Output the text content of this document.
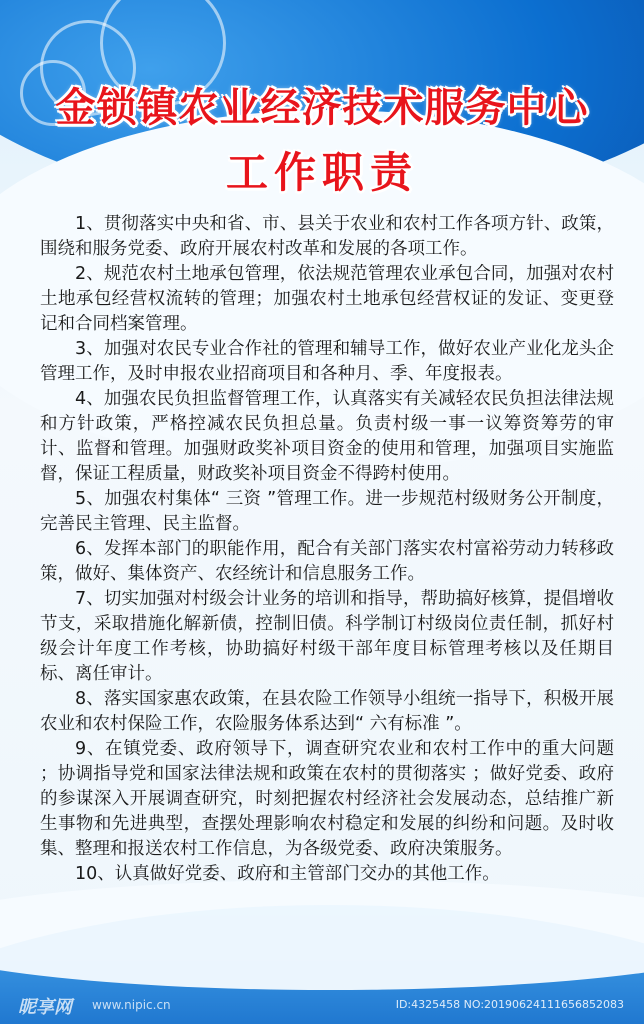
金锁镇农业经济技术服务中心
工作职责

1、贯彻落实中央和省、市、县关于农业和农村工作各项方针、政策，围绕和服务党委、政府开展农村改革和发展的各项工作。

2、规范农村土地承包管理，依法规范管理农业承包合同，加强对农村土地承包经营权流转的管理；加强农村土地承包经营权证的发证、变更登记和合同档案管理。

3、加强对农民专业合作社的管理和辅导工作，做好农业产业化龙头企管理工作，及时申报农业招商项目和各种月、季、年度报表。

4、加强农民负担监督管理工作，认真落实有关减轻农民负担法律法规和方针政策，严格控减农民负担总量。负责村级一事一议筹资筹劳的审计、监督和管理。加强财政奖补项目资金的使用和管理，加强项目实施监督，保证工程质量，财政奖补项目资金不得跨村使用。

5、加强农村集体“ 三资 ”管理工作。进一步规范村级财务公开制度，完善民主管理、民主监督。

6、发挥本部门的职能作用，配合有关部门落实农村富裕劳动力转移政策，做好、集体资产、农经统计和信息服务工作。

7、切实加强对村级会计业务的培训和指导，帮助搞好核算，提倡增收节支，采取措施化解新债，控制旧债。科学制订村级岗位责任制，抓好村级会计年度工作考核，协助搞好村级干部年度目标管理考核以及任期目标、离任审计。

8、落实国家惠农政策，在县农险工作领导小组统一指导下，积极开展农业和农村保险工作，农险服务体系达到“ 六有标准 ”。

9、在镇党委、政府领导下，调查研究农业和农村工作中的重大问题 ；协调指导党和国家法律法规和政策在农村的贯彻落实 ；做好党委、政府的参谋深入开展调查研究，时刻把握农村经济社会发展动态，总结推广新生事物和先进典型，查摆处理影响农村稳定和发展的纠纷和问题。及时收集、整理和报送农村工作信息，为各级党委、政府决策服务。

10、认真做好党委、政府和主管部门交办的其他工作。

昵享网 www.nipic.cn	ID:4325458 NO:20190624111656852083
